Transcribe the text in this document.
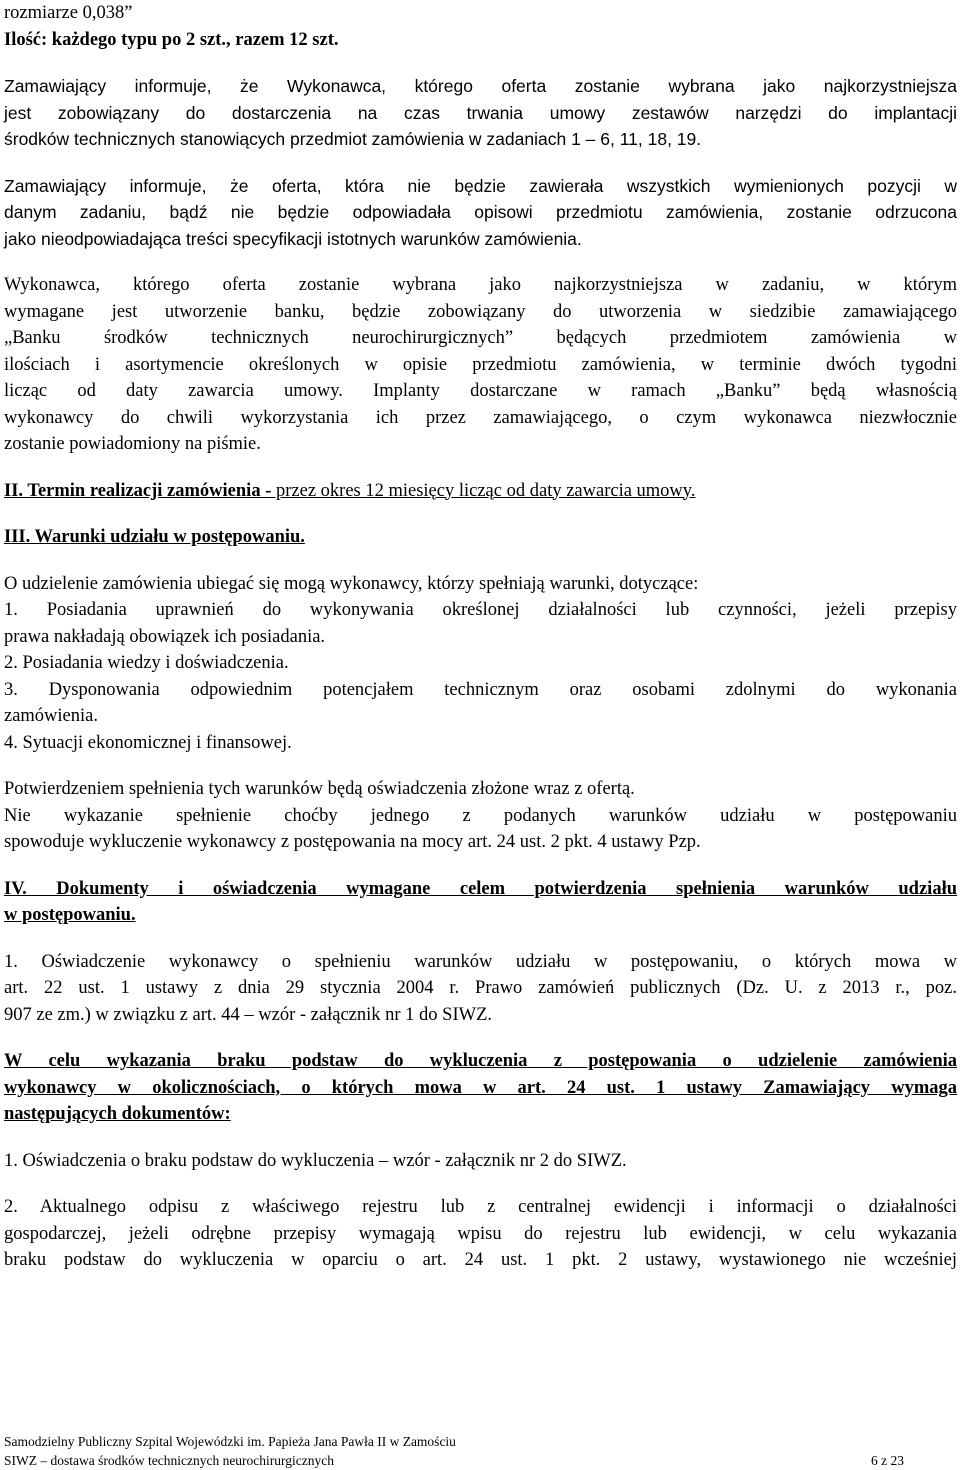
rozmiarze 0,038”

Ilość: każdego typu po 2 szt., razem 12 szt.

Zamawiający informuje, że Wykonawca, którego oferta zostanie wybrana jako najkorzystniejsza

jest zobowiązany do dostarczenia na czas trwania umowy zestawów narzędzi do implantacji

środków technicznych stanowiących przedmiot zamówienia w zadaniach 1 – 6, 11, 18, 19.

Zamawiający informuje, że oferta, która nie będzie zawierała wszystkich wymienionych pozycji w

danym zadaniu, bądź nie będzie odpowiadała opisowi przedmiotu zamówienia, zostanie odrzucona

jako nieodpowiadająca treści specyfikacji istotnych warunków zamówienia.

Wykonawca, którego oferta zostanie wybrana jako najkorzystniejsza w zadaniu, w którym

wymagane jest utworzenie banku, będzie zobowiązany do utworzenia w siedzibie zamawiającego

„Banku środków technicznych neurochirurgicznych” będących przedmiotem zamówienia w

ilościach i asortymencie określonych w opisie przedmiotu zamówienia, w terminie dwóch tygodni

licząc od daty zawarcia umowy. Implanty dostarczane w ramach „Banku” będą własnością

wykonawcy do chwili wykorzystania ich przez zamawiającego, o czym wykonawca niezwłocznie

zostanie powiadomiony na piśmie.

II. Termin realizacji zamówienia - przez okres 12 miesięcy licząc od daty zawarcia umowy.

III. Warunki udziału w postępowaniu.

O udzielenie zamówienia ubiegać się mogą wykonawcy, którzy spełniają warunki, dotyczące:

1. Posiadania uprawnień do wykonywania określonej działalności lub czynności, jeżeli przepisy

prawa nakładają obowiązek ich posiadania.

2. Posiadania wiedzy i doświadczenia.

3. Dysponowania odpowiednim potencjałem technicznym oraz osobami zdolnymi do wykonania

zamówienia.

4. Sytuacji ekonomicznej i finansowej.

Potwierdzeniem spełnienia tych warunków będą oświadczenia złożone wraz z ofertą.

Nie wykazanie spełnienie choćby jednego z podanych warunków udziału w postępowaniu

spowoduje wykluczenie wykonawcy z postępowania na mocy art. 24 ust. 2 pkt. 4 ustawy Pzp.

IV. Dokumenty i oświadczenia wymagane celem potwierdzenia spełnienia warunków udziału

w postępowaniu.

1. Oświadczenie wykonawcy o spełnieniu warunków udziału w postępowaniu, o których mowa w

art. 22 ust. 1 ustawy z dnia 29 stycznia 2004 r. Prawo zamówień publicznych (Dz. U. z 2013 r., poz.

907 ze zm.) w związku z art. 44 – wzór - załącznik nr 1 do SIWZ.

W celu wykazania braku podstaw do wykluczenia z postępowania o udzielenie zamówienia

wykonawcy w okolicznościach, o których mowa w art. 24 ust. 1 ustawy Zamawiający wymaga

następujących dokumentów:

1. Oświadczenia o braku podstaw do wykluczenia – wzór - załącznik nr 2 do SIWZ.

2. Aktualnego odpisu z właściwego rejestru lub z centralnej ewidencji i informacji o działalności

gospodarczej, jeżeli odrębne przepisy wymagają wpisu do rejestru lub ewidencji, w celu wykazania

braku podstaw do wykluczenia w oparciu o art. 24 ust. 1 pkt. 2 ustawy, wystawionego nie wcześniej

Samodzielny Publiczny Szpital Wojewódzki im. Papieża Jana Pawła II w Zamościu
SIWZ – dostawa środków technicznych neurochirurgicznych	6 z 23
